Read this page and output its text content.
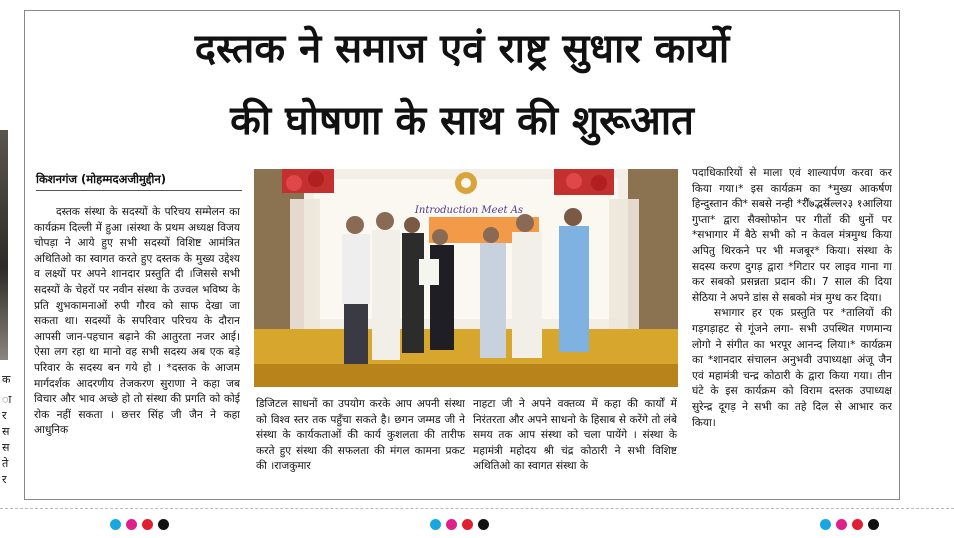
क
ा
र
स
स
ते
र
दस्तक ने समाज एवं राष्ट्र सुधार कार्यो
की घोषणा के साथ की शुरूआत
किशनगंज (मोहम्मदअजीमुद्दीन)

दस्तक संस्था के सदस्यों के परिचय सम्मेलन का कार्यक्रम दिल्ली में हुआ ।संस्था के प्रथम अध्यक्ष विजय चोपड़ा ने आये हुए सभी सदस्यों विशिष्ट आमंत्रित अथितिओ का स्वागत करते हुए दस्तक के मुख्य उद्देश्य व लक्ष्यों पर अपने शानदार प्रस्तुति दी ।जिससे सभी सदस्यों के चेहरों पर नवीन संस्था के उज्वल भविष्य के प्रति शुभकामनाओं रुपी गौरव को साफ देखा जा सकता था। सदस्यों के सपरिवार परिचय के दौरान आपसी जान-पहचान बढ़ाने की आतुरता नजर आई। ऐसा लग रहा था मानो वह सभी सदस्य अब एक बड़े परिवार के सदस्य बन गये हो । *दस्तक के आजम मार्गदर्शक आदरणीय तेजकरण सुराणा ने कहा जब विचार और भाव अच्छे हो तो संस्था की प्रगति को कोई रोक नहीं सकता । छत्तर सिंह जी जैन ने कहा आधुनिक

Introduction Meet As

डिजिटल साधनों का उपयोग करके आप अपनी संस्था को विश्व स्तर तक पहुँचा सकते है। छगन जम्मड जी ने संस्था के कार्यकताओं की कार्य कुशलता की तारीफ करते हुए संस्था की सफलता की मंगल कामना प्रकट की ।राजकुमार

नाहटा जी ने अपने वक्तव्य में कहा की कार्यों में निरंतरता और अपने साधनो के हिसाब से करेंगे तो लंबे समय तक आप संस्था को चला पायेंगे । संस्था के महामंत्री महोदय श्री चंद्र कोठारी ने सभी विशिष्ट अथितिओ का स्वागत संस्था के

पदाधिकारियों से माला एवं शाल्यार्पण करवा कर किया गया।* इस कार्यक्रम का *मुख्य आकर्षण हिन्दुस्तान की* सबसे नन्ही *रीॅ७द्भर्स्रॅल्ल२३ १आलिया गुप्ता* द्वारा सैक्सोफोन पर गीतों की धुनों पर *सभागार में बैठे सभी को न केवल मंत्रमुग्ध किया अपितु थिरकने पर भी मजबूर* किया। संस्था के सदस्य करण दुगड़ द्वारा *गिटार पर लाइव गाना गा कर सबको प्रसन्नता प्रदान की। 7 साल की दिया सेठिया ने अपने डांस से सबको मंत्र मुग्ध कर दिया।

सभागार हर एक प्रस्तुति पर *तालियों की गड़गड़ाहट से गूंजने लगा- सभी उपस्थित गणमान्य लोगो ने संगीत का भरपूर आनन्द लिया।* कार्यक्रम का *शानदार संचालन अनुभवी उपाध्यक्षा अंजू जैन एवं महामंत्री चन्द्र कोठारी के द्वारा किया गया। तीन घंटे के इस कार्यक्रम को विराम दस्तक उपाध्यक्ष सुरेन्द्र दूगड़ ने सभी का तहे दिल से आभार कर किया।
